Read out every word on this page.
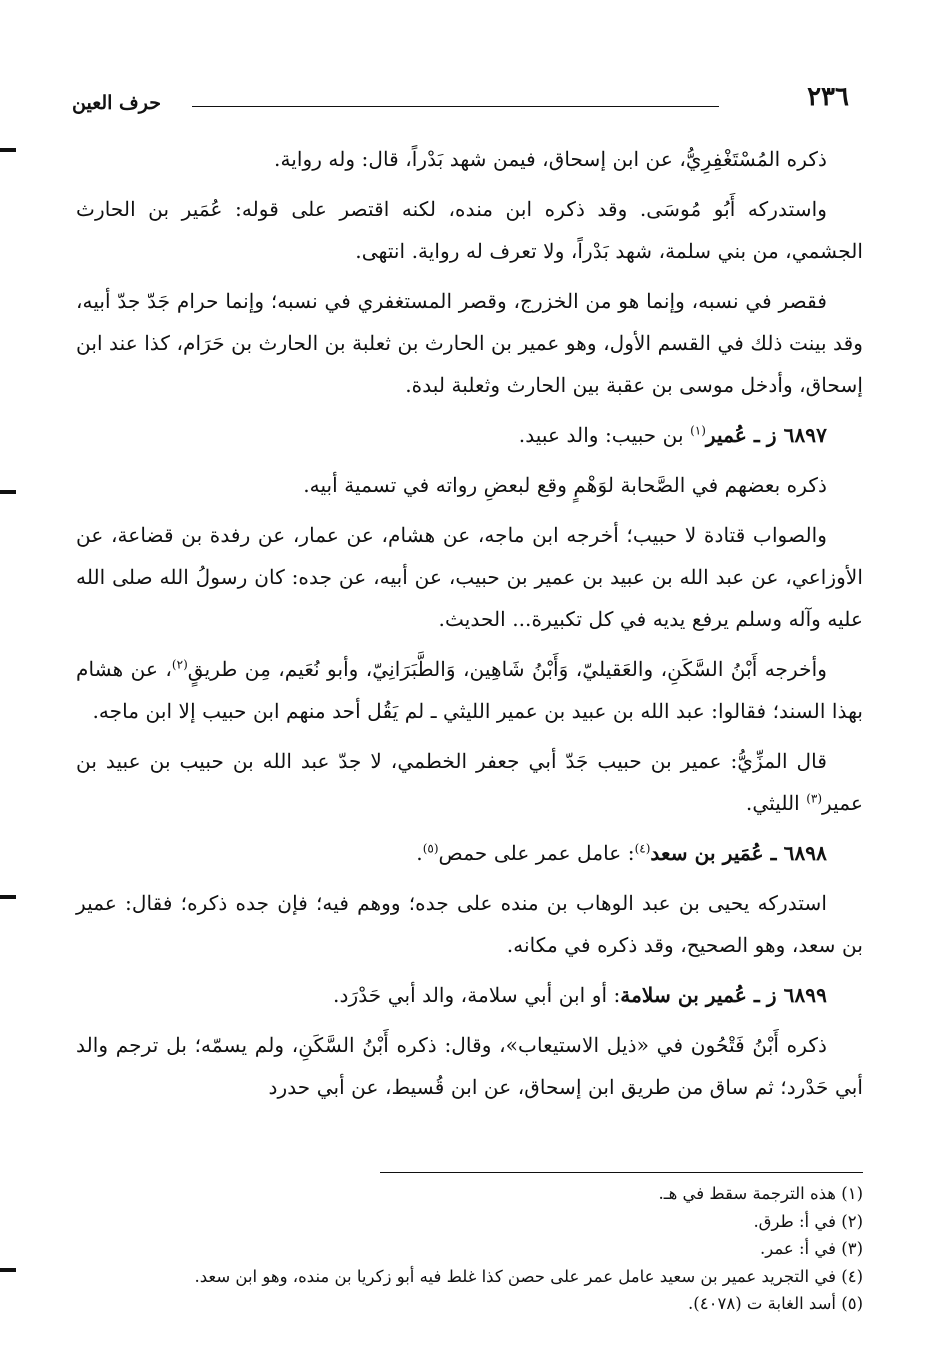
٢٣٦
حرف العين

ذكره المُسْتَغْفِرِيُّ، عن ابن إسحاق، فيمن شهد بَدْراً، قال: وله رواية.

واستدركه أَبُو مُوسَى. وقد ذكره ابن منده، لكنه اقتصر على قوله: عُمَير بن الحارث الجشمي، من بني سلمة، شهد بَدْراً، ولا تعرف له رواية. انتهى.

فقصر في نسبه، وإنما هو من الخزرج، وقصر المستغفري في نسبه؛ وإنما حرام جَدّ جدّ أبيه، وقد بينت ذلك في القسم الأول، وهو عمير بن الحارث بن ثعلبة بن الحارث بن حَرَام، كذا عند ابن إسحاق، وأدخل موسى بن عقبة بين الحارث وثعلبة لبدة.

٦٨٩٧ ز ـ عُمير$^{(١)}$ بن حبيب: والد عبيد.

ذكره بعضهم في الصَّحابة لوَهْمٍ وقع لبعضِ رواته في تسمية أبيه.

والصواب قتادة لا حبيب؛ أخرجه ابن ماجه، عن هشام، عن عمار، عن رفدة بن قضاعة، عن الأوزاعي، عن عبد الله بن عبيد بن عمير بن حبيب، عن أبيه، عن جده: كان رسولُ الله صلى الله عليه وآله وسلم يرفع يديه في كل تكبيرة... الحديث.

وأخرجه أَبْنُ السَّكَنِ، والعَقيليّ، وَأَبْنُ شَاهِين، وَالطَّبَرَانِيّ، وأبو نُعَيم، مِن طريقٍ$^{(٢)}$، عن هشام بهذا السند؛ فقالوا: عبد الله بن عبيد بن عمير الليثي ـ لم يَقُل أحد منهم ابن حبيب إلا ابن ماجه.

قال المزِّيُّ: عمير بن حبيب جَدّ أبي جعفر الخطمي، لا جدّ عبد الله بن حبيب بن عبيد بن عمير$^{(٣)}$ الليثي.

٦٨٩٨ ـ عُمَير بن سعد$^{(٤)}$: عامل عمر على حمص$^{(٥)}$.

استدركه يحيى بن عبد الوهاب بن منده على جده؛ ووهم فيه؛ فإن جده ذكره؛ فقال: عمير بن سعد، وهو الصحيح، وقد ذكره في مكانه.

٦٨٩٩ ز ـ عُمير بن سلامة: أو ابن أبي سلامة، والد أبي حَدْرَد.

ذكره أَبْنُ فَتْحُون في «ذيل الاستيعاب»، وقال: ذكره أَبْنُ السَّكَنِ، ولم يسمّه؛ بل ترجم والد أبي حَدْرد؛ ثم ساق من طريق ابن إسحاق، عن ابن قُسيط، عن أبي حدرد

(١) هذه الترجمة سقط في هـ.
(٢) في أ: طرق.
(٣) في أ: عمر.
(٤) في التجريد عمير بن سعيد عامل عمر على حصن كذا غلط فيه أبو زكريا بن منده، وهو ابن سعد.
(٥) أسد الغابة ت (٤٠٧٨).
